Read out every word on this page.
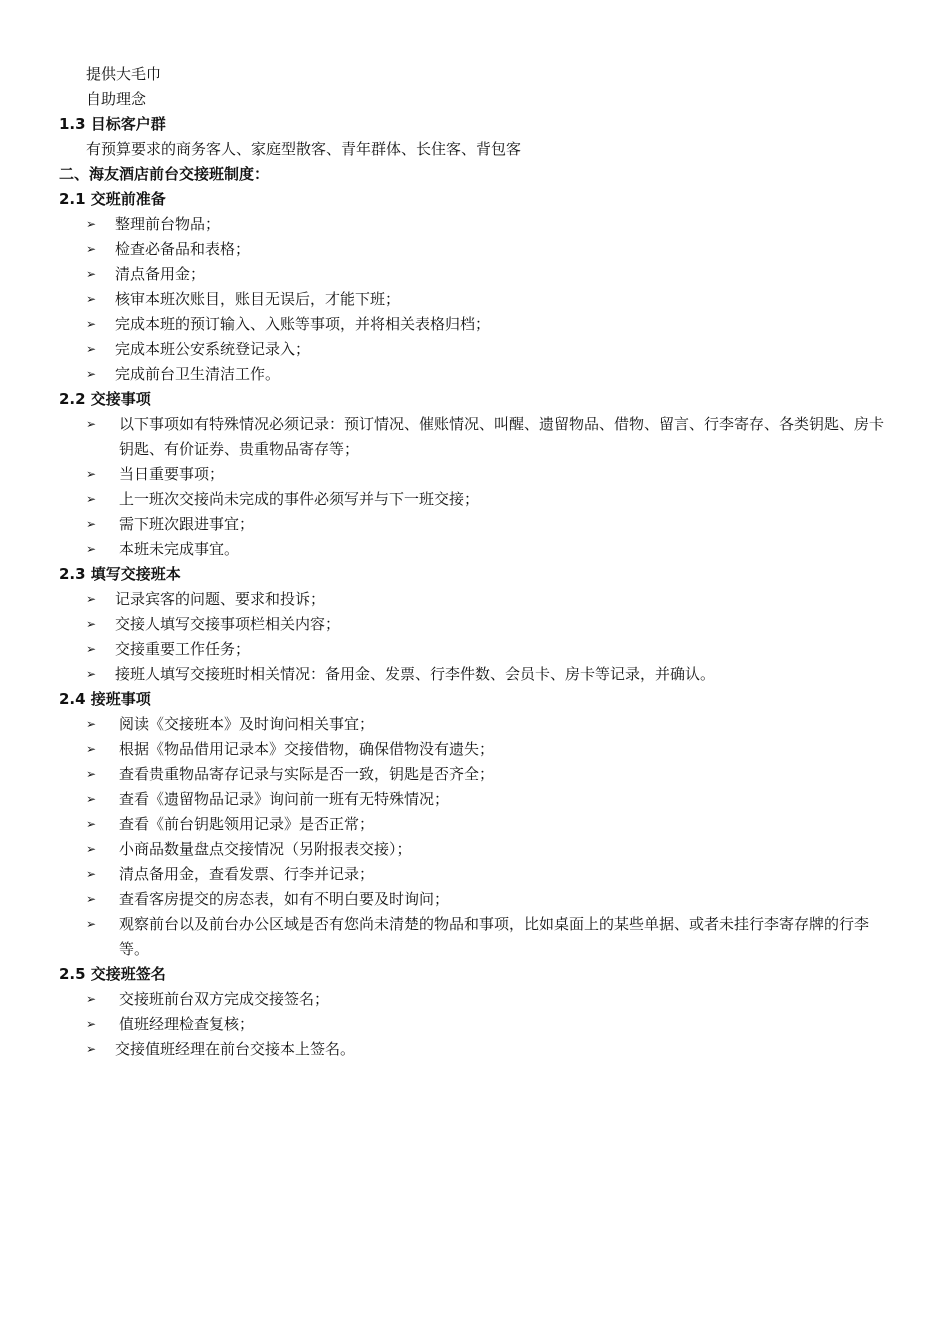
提供大毛巾
自助理念
1.3 目标客户群
有预算要求的商务客人、家庭型散客、青年群体、长住客、背包客
二、海友酒店前台交接班制度：
2.1 交班前准备
➢	整理前台物品；
➢	检查必备品和表格；
➢	清点备用金；
➢	核审本班次账目，账目无误后，才能下班；
➢	完成本班的预订输入、入账等事项，并将相关表格归档；
➢	完成本班公安系统登记录入；
➢	完成前台卫生清洁工作。
2.2 交接事项
➢	以下事项如有特殊情况必须记录：预订情况、催账情况、叫醒、遗留物品、借物、留言、行李寄存、各类钥匙、房卡钥匙、有价证券、贵重物品寄存等；
➢	当日重要事项；
➢	上一班次交接尚未完成的事件必须写并与下一班交接；
➢	需下班次跟进事宜；
➢	本班未完成事宜。
2.3 填写交接班本
➢	记录宾客的问题、要求和投诉；
➢	交接人填写交接事项栏相关内容；
➢	交接重要工作任务；
➢	接班人填写交接班时相关情况：备用金、发票、行李件数、会员卡、房卡等记录，并确认。
2.4 接班事项
➢	阅读《交接班本》及时询问相关事宜；
➢	根据《物品借用记录本》交接借物，确保借物没有遗失；
➢	查看贵重物品寄存记录与实际是否一致，钥匙是否齐全；
➢	查看《遗留物品记录》询问前一班有无特殊情况；
➢	查看《前台钥匙领用记录》是否正常；
➢	小商品数量盘点交接情况（另附报表交接）；
➢	清点备用金，查看发票、行李并记录；
➢	查看客房提交的房态表，如有不明白要及时询问；
➢	观察前台以及前台办公区域是否有您尚未清楚的物品和事项，比如桌面上的某些单据、或者未挂行李寄存牌的行李等。
2.5 交接班签名
➢	交接班前台双方完成交接签名；
➢	值班经理检查复核；
➢	交接值班经理在前台交接本上签名。
